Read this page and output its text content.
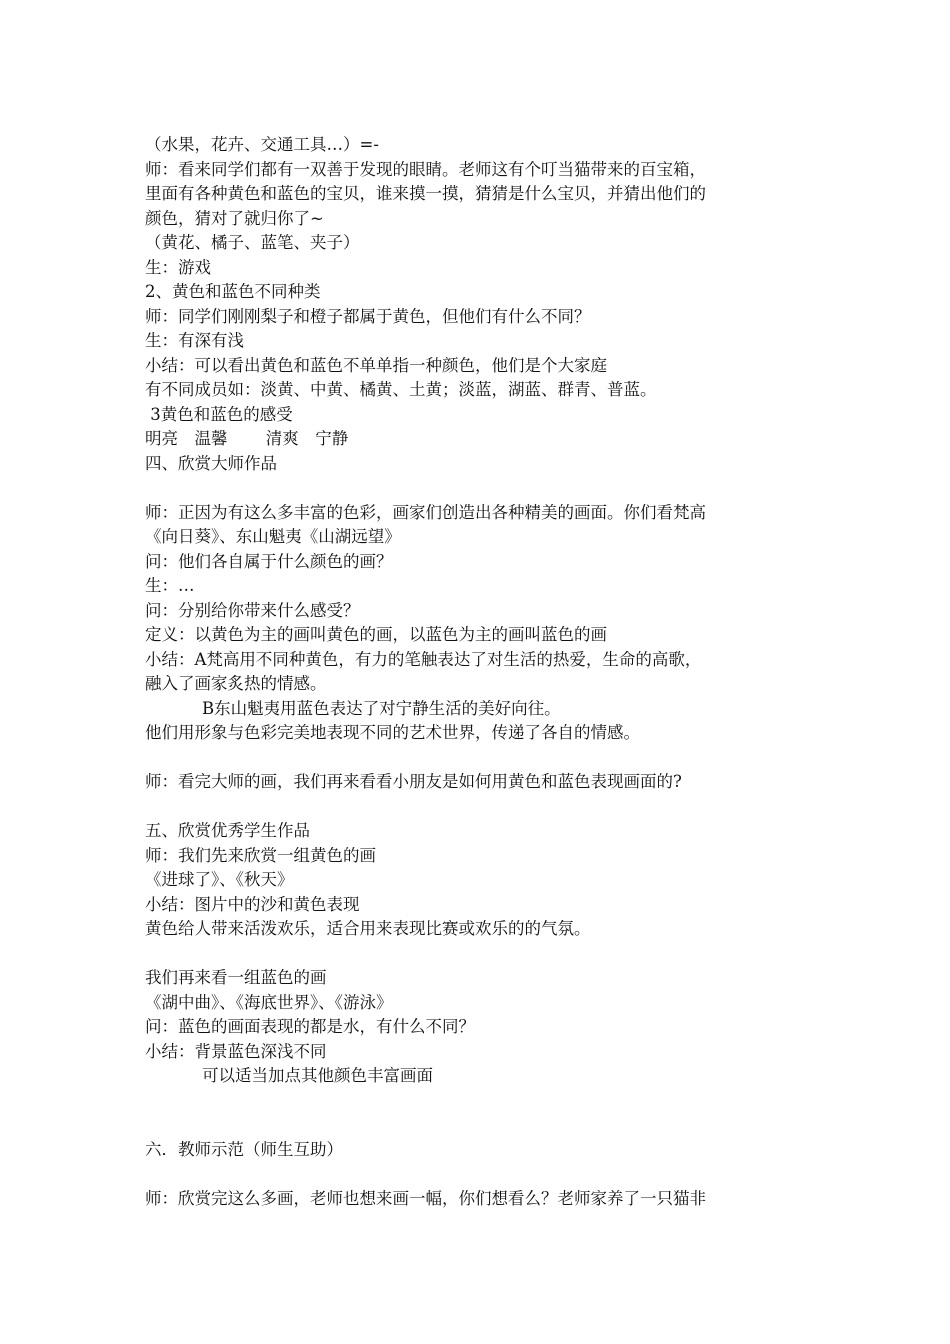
（水果，花卉、交通工具…）=-
师：看来同学们都有一双善于发现的眼睛。老师这有个叮当猫带来的百宝箱，
里面有各种黄色和蓝色的宝贝，谁来摸一摸，猜猜是什么宝贝，并猜出他们的
颜色，猜对了就归你了~
（黄花、橘子、蓝笔、夹子）
生：游戏
2、黄色和蓝色不同种类
师：同学们刚刚梨子和橙子都属于黄色，但他们有什么不同？
生：有深有浅
小结：可以看出黄色和蓝色不单单指一种颜色，他们是个大家庭
有不同成员如：淡黄、中黄、橘黄、土黄；淡蓝，湖蓝、群青、普蓝。
3黄色和蓝色的感受
明亮　温馨　　 清爽　宁静
四、欣赏大师作品
师：正因为有这么多丰富的色彩，画家们创造出各种精美的画面。你们看梵高
《向日葵》、东山魁夷《山湖远望》
问：他们各自属于什么颜色的画？
生：…
问：分别给你带来什么感受？
定义：以黄色为主的画叫黄色的画，以蓝色为主的画叫蓝色的画
小结：A梵高用不同种黄色，有力的笔触表达了对生活的热爱，生命的高歌，
融入了画家炙热的情感。
B东山魁夷用蓝色表达了对宁静生活的美好向往。
他们用形象与色彩完美地表现不同的艺术世界，传递了各自的情感。
师：看完大师的画，我们再来看看小朋友是如何用黄色和蓝色表现画面的?
五、欣赏优秀学生作品
师：我们先来欣赏一组黄色的画
《进球了》、《秋天》
小结：图片中的沙和黄色表现
黄色给人带来活泼欢乐，适合用来表现比赛或欢乐的的气氛。
我们再来看一组蓝色的画
《湖中曲》、《海底世界》、《游泳》
问：蓝色的画面表现的都是水，有什么不同？
小结：背景蓝色深浅不同
可以适当加点其他颜色丰富画面
六．教师示范（师生互助）
师：欣赏完这么多画，老师也想来画一幅，你们想看么？老师家养了一只猫非
